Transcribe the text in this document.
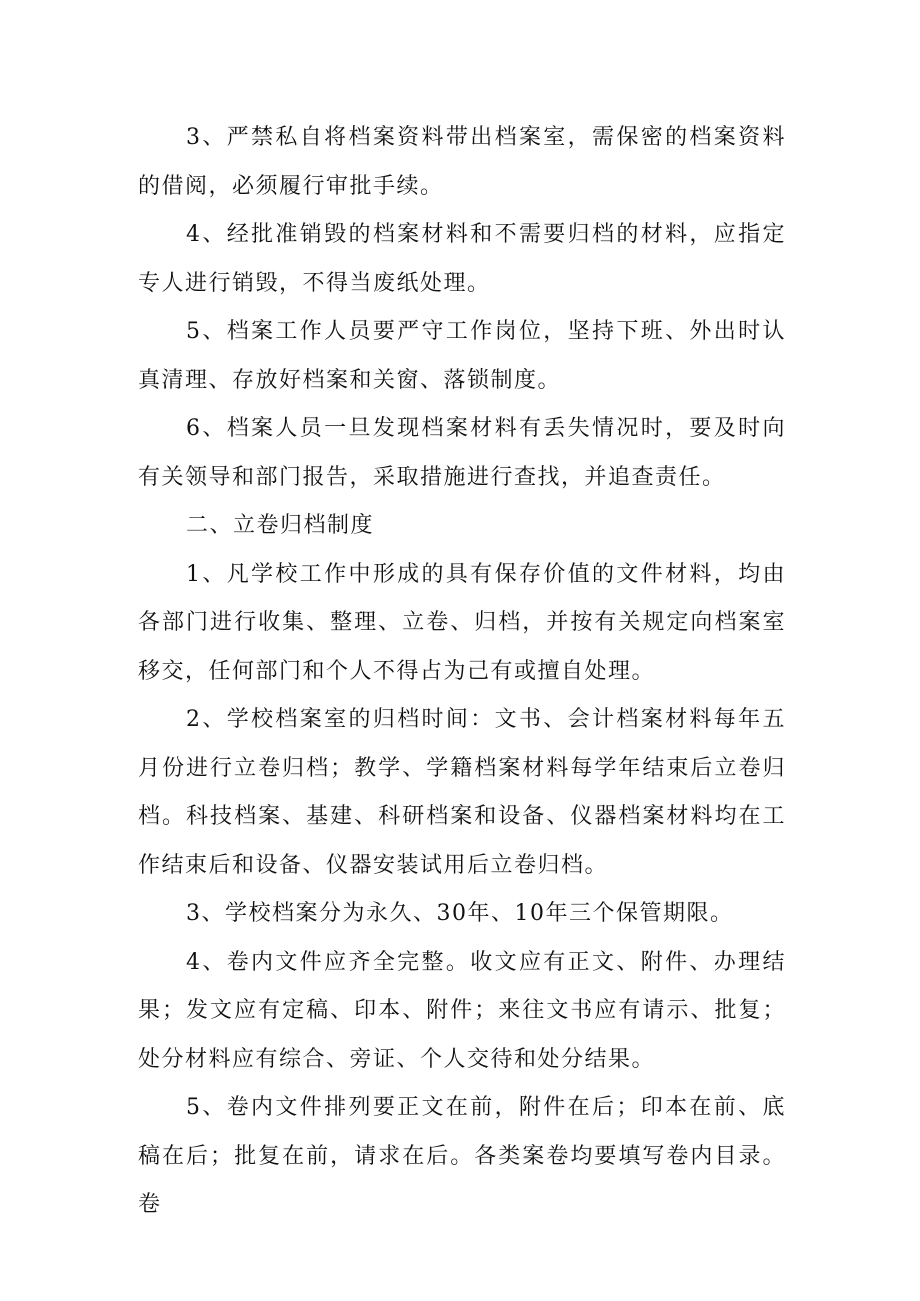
3、严禁私自将档案资料带出档案室，需保密的档案资料的借阅，必须履行审批手续。

4、经批准销毁的档案材料和不需要归档的材料，应指定专人进行销毁，不得当废纸处理。

5、档案工作人员要严守工作岗位，坚持下班、外出时认真清理、存放好档案和关窗、落锁制度。

6、档案人员一旦发现档案材料有丢失情况时，要及时向有关领导和部门报告，采取措施进行查找，并追查责任。

二、立卷归档制度

1、凡学校工作中形成的具有保存价值的文件材料，均由各部门进行收集、整理、立卷、归档，并按有关规定向档案室移交，任何部门和个人不得占为己有或擅自处理。

2、学校档案室的归档时间：文书、会计档案材料每年五月份进行立卷归档；教学、学籍档案材料每学年结束后立卷归档。科技档案、基建、科研档案和设备、仪器档案材料均在工作结束后和设备、仪器安装试用后立卷归档。

3、学校档案分为永久、30年、10年三个保管期限。

4、卷内文件应齐全完整。收文应有正文、附件、办理结果；发文应有定稿、印本、附件；来往文书应有请示、批复；处分材料应有综合、旁证、个人交待和处分结果。

5、卷内文件排列要正文在前，附件在后；印本在前、底稿在后；批复在前，请求在后。各类案卷均要填写卷内目录。卷
